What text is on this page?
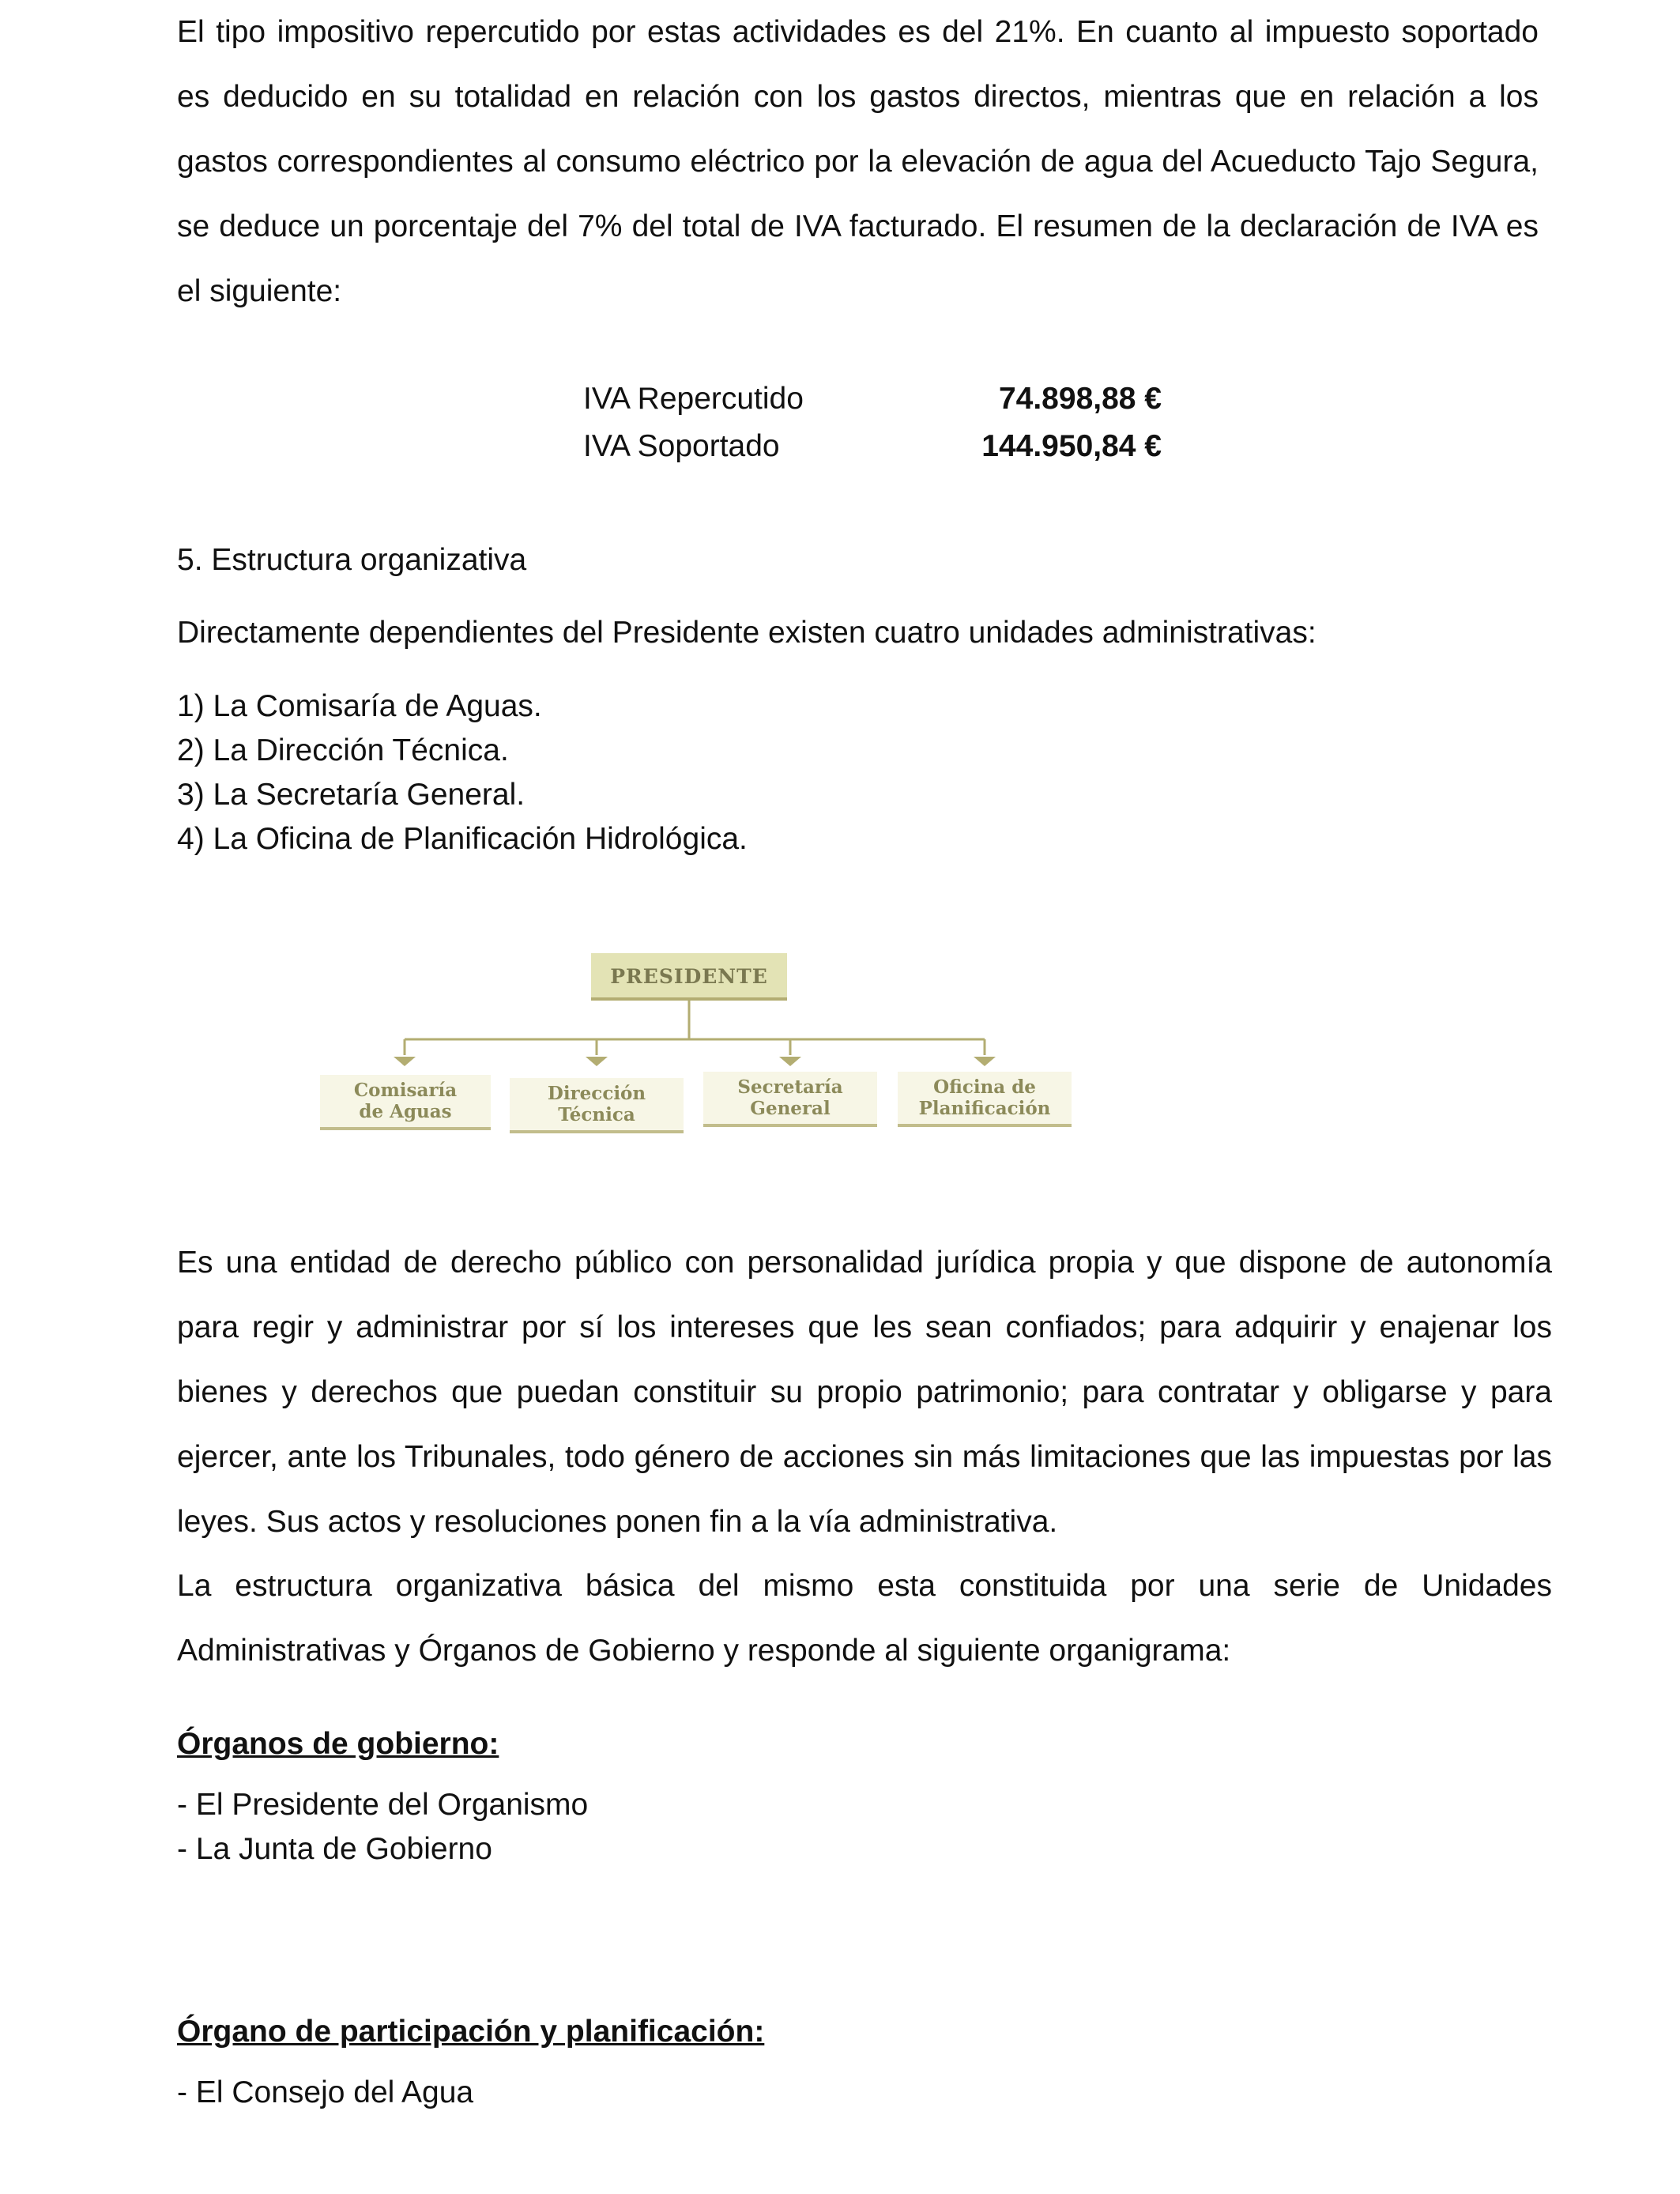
El tipo impositivo repercutido por estas actividades es del 21%. En cuanto al impuesto soportado es deducido en su totalidad en relación con los gastos directos, mientras que en relación a los gastos correspondientes al consumo eléctrico por la elevación de agua del Acueducto Tajo Segura, se deduce un porcentaje del 7% del total de IVA facturado. El resumen de la declaración de IVA es el siguiente:

IVA Repercutido	74.898,88 €
IVA Soportado	144.950,84 €

5. Estructura organizativa

Directamente dependientes del Presidente existen cuatro unidades administrativas:

1) La Comisaría de Aguas.
2) La Dirección Técnica.
3) La Secretaría General.
4) La Oficina de Planificación Hidrológica.
PRESIDENTE
Comisaría
de Aguas
Dirección
Técnica
Secretaría
General
Oficina de
Planificación

Es una entidad de derecho público con personalidad jurídica propia y que dispone de autonomía para regir y administrar por sí los intereses que les sean confiados; para adquirir y enajenar los bienes y derechos que puedan constituir su propio patrimonio; para contratar y obligarse y para ejercer, ante los Tribunales, todo género de acciones sin más limitaciones que las impuestas por las leyes. Sus actos y resoluciones ponen fin a la vía administrativa.

La estructura organizativa básica del mismo esta constituida por una serie de Unidades Administrativas y Órganos de Gobierno y responde al siguiente organigrama:

Órganos de gobierno:

- El Presidente del Organismo
- La Junta de Gobierno

Órgano de participación y planificación:

- El Consejo del Agua
